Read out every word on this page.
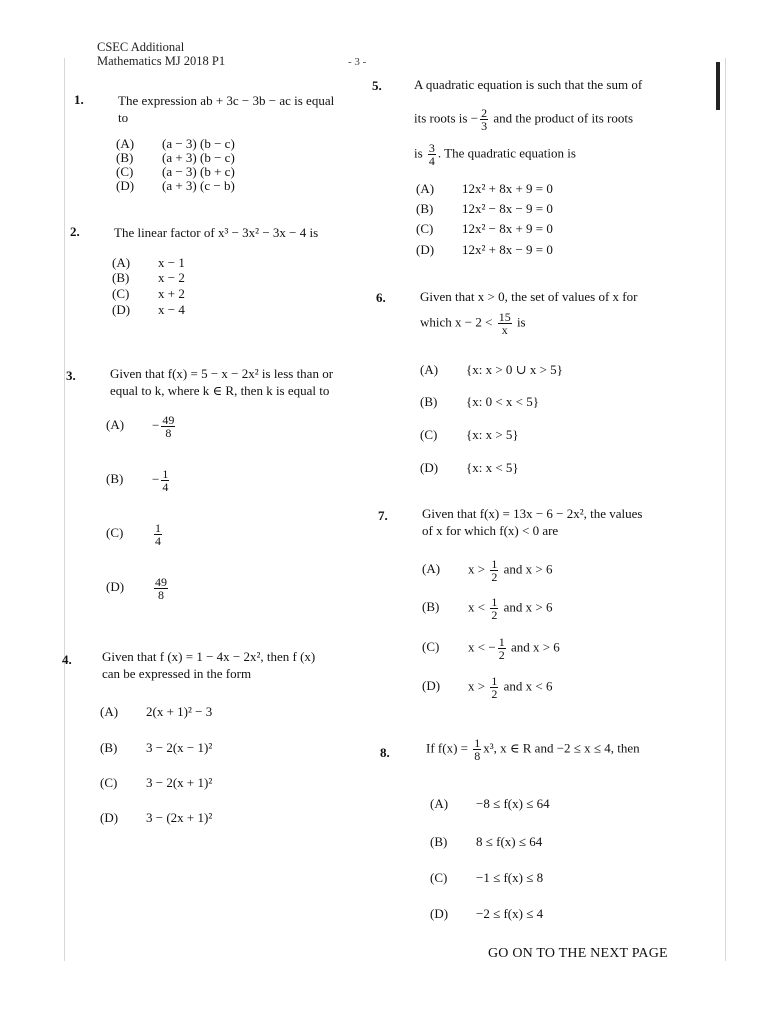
CSEC Additional
Mathematics MJ 2018 P1	- 3 -
1.	The expression ab + 3c − 3b − ac is equal
to
(A) (a − 3) (b − c)
(B) (a + 3) (b − c)
(C) (a − 3) (b + c)
(D) (a + 3) (c − b)
2.	The linear factor of x³ − 3x² − 3x − 4 is
(A) x − 1
(B) x − 2
(C) x + 2
(D) x − 4
3.	Given that f(x) = 5 − x − 2x² is less than or
equal to k, where k ∈ R, then k is equal to
$(A) - \frac{49}{8}$
$(B) - \frac{1}{4}$
(C)	$\frac{1}{4}$
$(D) \frac{49}{8}$
4. Given that f (x) = 1 − 4x − 2x², then f (x)
can be expressed in the form
(A) 2(x + 1)² − 3
(B) 3 − 2(x − 1)²
(C) 3 − 2(x + 1)²
(D) 3 − (2x + 1)²
5. A quadratic equation is such that the sum of
its roots is − $\frac{2}{3}$ and the product of its roots
is $\frac{3}{4}$ . The quadratic equation is
(A) 12x² + 8x + 9 = 0
(B) 12x² − 8x − 9 = 0
(C) 12x² − 8x + 9 = 0
(D) 12x² + 8x − 9 = 0
6.	Given that x > 0, the set of values of x for
which $x - 2 < \frac{15}{x}$ is
(A) {x: x > 0 ∪ x > 5}
(B) {x: 0 < x < 5}
(C) {x: x > 5}
(D) {x: x < 5}
7.	Given that f(x) = 13x − 6 − 2x², the values
of x for which f(x) < 0 are
(A) $x > \frac{1}{2}$ and x > 6
(B) $x < \frac{1}{2}$ and x > 6
(C) x < − $\frac{1}{2}$ and x > 6
(D) $x > \frac{1}{2}$ and x < 6
8.	If $f(x) = \frac{1}{8} x^3$, x ∈ R and −2 ≤ x ≤ 4, then
(A) −8 ≤ f(x) ≤ 64
(B) 8 ≤ f(x) ≤ 64
(C) −1 ≤ f(x) ≤ 8
(D) −2 ≤ f(x) ≤ 4
GO ON TO THE NEXT PAGE
